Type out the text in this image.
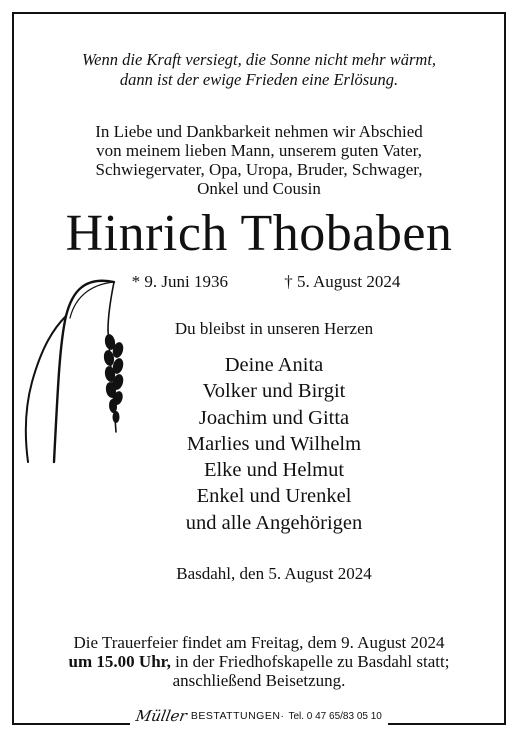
Wenn die Kraft versiegt, die Sonne nicht mehr wärmt,
dann ist der ewige Frieden eine Erlösung.
In Liebe und Dankbarkeit nehmen wir Abschied
von meinem lieben Mann, unserem guten Vater,
Schwiegervater, Opa, Uropa, Bruder, Schwager,
Onkel und Cousin
Hinrich Thobaben
* 9. Juni 1936	† 5. August 2024
Du bleibst in unseren Herzen
Deine Anita
Volker und Birgit
Joachim und Gitta
Marlies und Wilhelm
Elke und Helmut
Enkel und Urenkel
und alle Angehörigen
Basdahl, den 5. August 2024
Die Trauerfeier findet am Freitag, dem 9. August 2024
um 15.00 Uhr, in der Friedhofskapelle zu Basdahl statt;
anschließend Beisetzung.
Müller BESTATTUNGEN · Tel. 0 47 65/83 05 10
